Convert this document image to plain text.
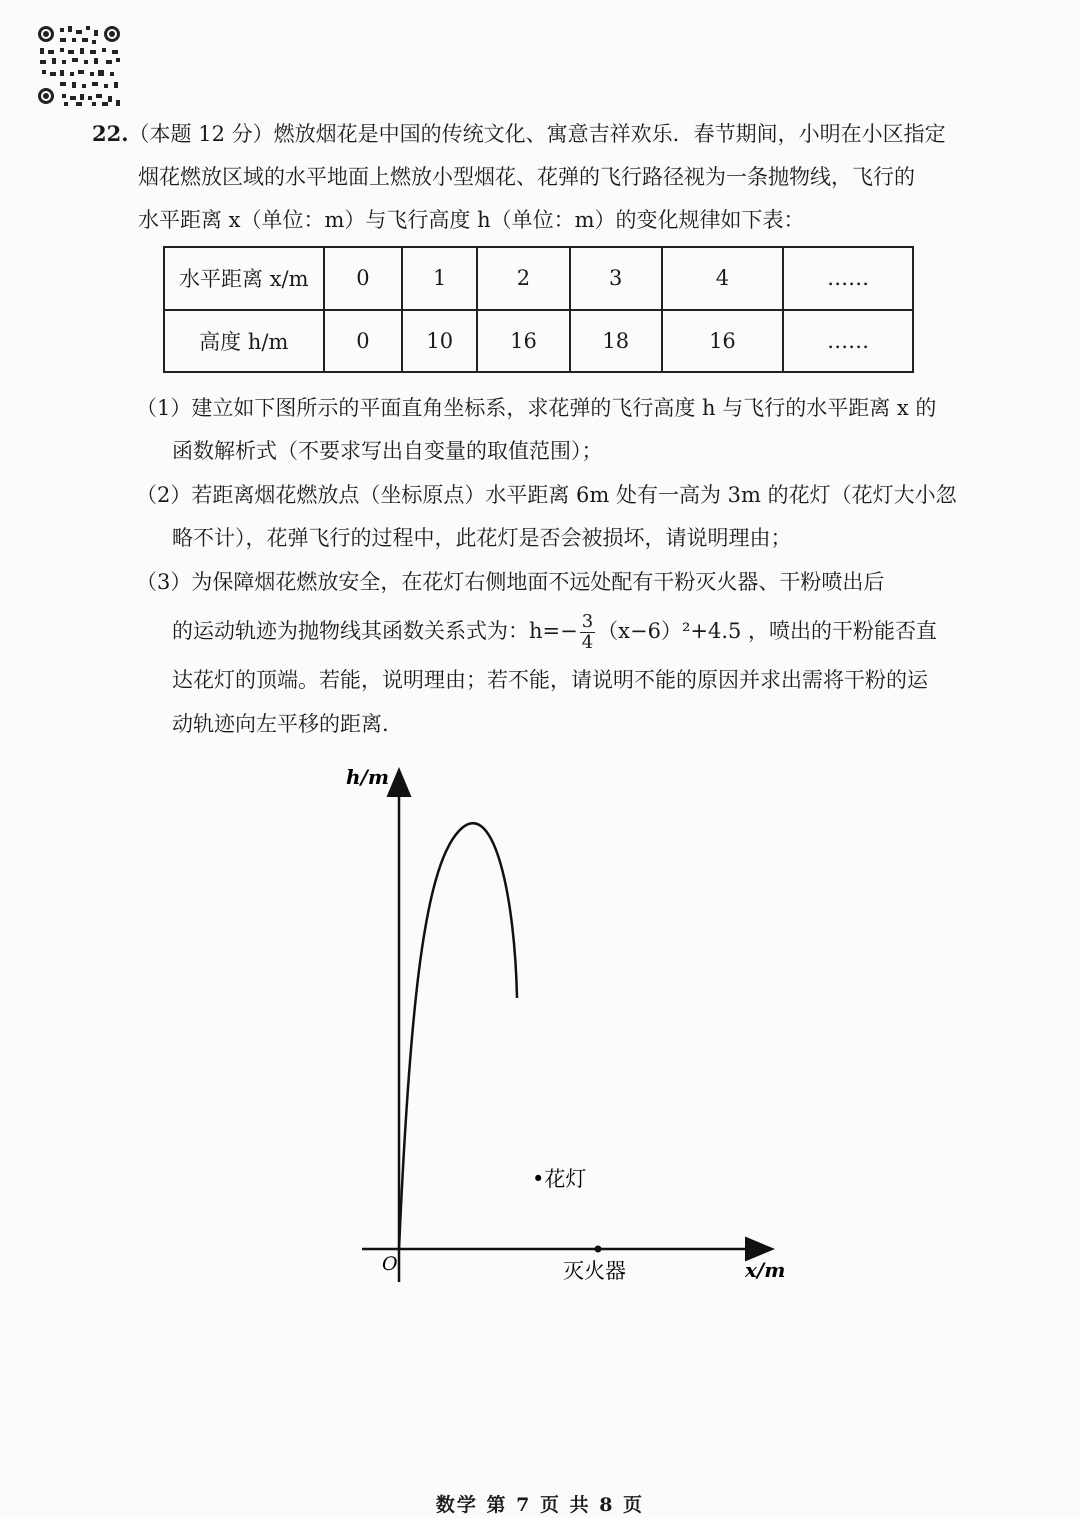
22.（本题 12 分）燃放烟花是中国的传统文化、寓意吉祥欢乐．春节期间，小明在小区指定
烟花燃放区域的水平地面上燃放小型烟花、花弹的飞行路径视为一条抛物线，飞行的
水平距离 x（单位：m）与飞行高度 h（单位：m）的变化规律如下表：
水平距离 x/m	0	1	2	3	4	……
高度 h/m	0	10	16	18	16	……
（1）建立如下图所示的平面直角坐标系，求花弹的飞行高度 h 与飞行的水平距离 x 的
函数解析式（不要求写出自变量的取值范围）；
（2）若距离烟花燃放点（坐标原点）水平距离 6m 处有一高为 3m 的花灯（花灯大小忽
略不计），花弹飞行的过程中，此花灯是否会被损坏，请说明理由；
（3）为保障烟花燃放安全，在花灯右侧地面不远处配有干粉灭火器、干粉喷出后
的运动轨迹为抛物线其函数关系式为：$h=- \frac{3}{4} (x-6)^2+4.5$ ，喷出的干粉能否直
达花灯的顶端。若能，说明理由；若不能，请说明不能的原因并求出需将干粉的运
动轨迹向左平移的距离.
h/m
x/m
O
•花灯
灭火器
数学 第 7 页 共 8 页
